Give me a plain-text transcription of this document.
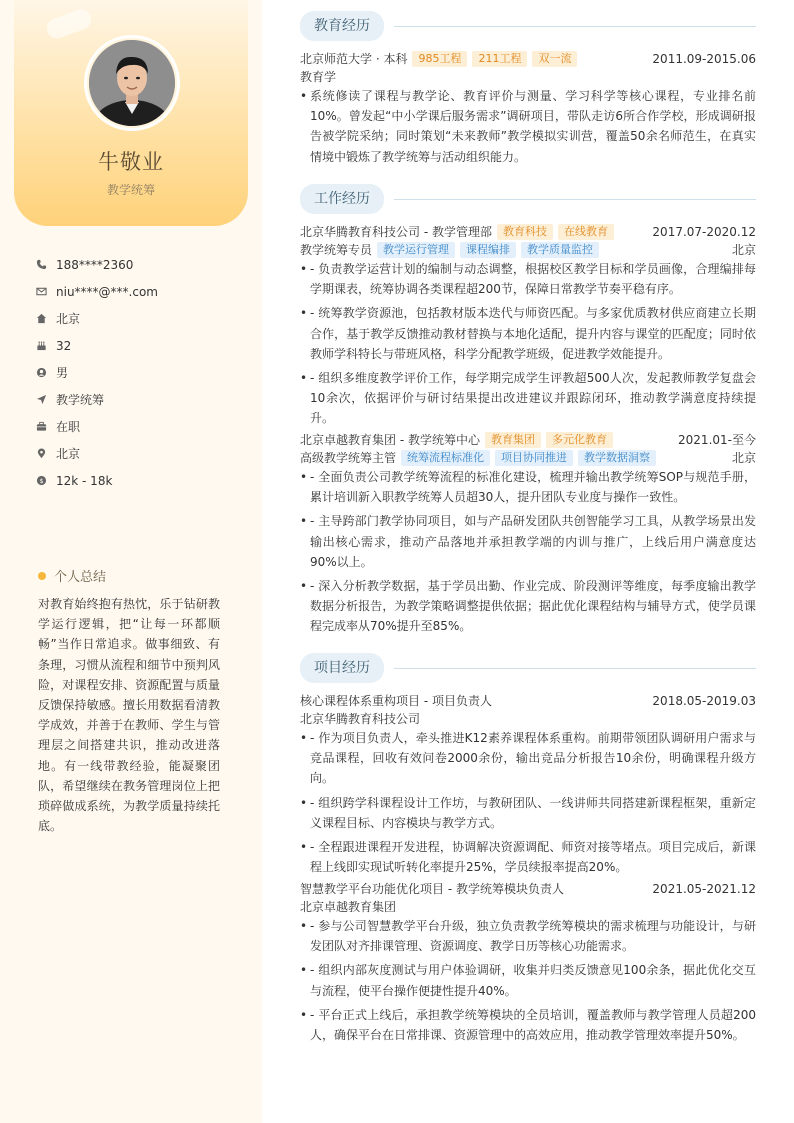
牛敬业
教学统筹
188****2360
niu****@***.com
北京
32
男
教学统筹
在职
北京
$ 12k - 18k
个人总结
对教育始终抱有热忱，乐于钻研教学运行逻辑，把“让每一环都顺畅”当作日常追求。做事细致、有条理，习惯从流程和细节中预判风险，对课程安排、资源配置与质量反馈保持敏感。擅长用数据看清教学成效，并善于在教师、学生与管理层之间搭建共识，推动改进落地。有一线带教经验，能凝聚团队，希望继续在教务管理岗位上把琐碎做成系统，为教学质量持续托底。
教育经历
北京师范大学 · 本科	985工程	211工程	双一流	2011.09-2015.06
教育学
• 系统修读了课程与教学论、教育评价与测量、学习科学等核心课程，专业排名前10%。曾发起“中小学课后服务需求”调研项目，带队走访6所合作学校，形成调研报告被学院采纳；同时策划“未来教师”教学模拟实训营，覆盖50余名师范生，在真实情境中锻炼了教学统筹与活动组织能力。
工作经历
北京华腾教育科技公司 - 教学管理部	教育科技	在线教育	2017.07-2020.12
教学统筹专员	教学运行管理	课程编排	教学质量监控	北京
• - 负责教学运营计划的编制与动态调整，根据校区教学目标和学员画像，合理编排每学期课表，统筹协调各类课程超200节，保障日常教学节奏平稳有序。
• - 统筹教学资源池，包括教材版本迭代与师资匹配。与多家优质教材供应商建立长期合作，基于教学反馈推动教材替换与本地化适配，提升内容与课堂的匹配度；同时依教师学科特长与带班风格，科学分配教学班级，促进教学效能提升。
• - 组织多维度教学评价工作，每学期完成学生评教超500人次，发起教师教学复盘会10余次，依据评价与研讨结果提出改进建议并跟踪闭环，推动教学满意度持续提升。
北京卓越教育集团 - 教学统筹中心	教育集团	多元化教育	2021.01-至今
高级教学统筹主管	统筹流程标准化	项目协同推进	教学数据洞察	北京
• - 全面负责公司教学统筹流程的标准化建设，梳理并输出教学统筹SOP与规范手册，累计培训新入职教学统筹人员超30人，提升团队专业度与操作一致性。
• - 主导跨部门教学协同项目，如与产品研发团队共创智能学习工具，从教学场景出发输出核心需求，推动产品落地并承担教学端的内训与推广，上线后用户满意度达90%以上。
• - 深入分析教学数据，基于学员出勤、作业完成、阶段测评等维度，每季度输出教学数据分析报告，为教学策略调整提供依据；据此优化课程结构与辅导方式，使学员课程完成率从70%提升至85%。
项目经历
核心课程体系重构项目 - 项目负责人	2018.05-2019.03
北京华腾教育科技公司
• - 作为项目负责人，牵头推进K12素养课程体系重构。前期带领团队调研用户需求与竞品课程，回收有效问卷2000余份，输出竞品分析报告10余份，明确课程升级方向。
• - 组织跨学科课程设计工作坊，与教研团队、一线讲师共同搭建新课程框架，重新定义课程目标、内容模块与教学方式。
• - 全程跟进课程开发进程，协调解决资源调配、师资对接等堵点。项目完成后，新课程上线即实现试听转化率提升25%，学员续报率提高20%。
智慧教学平台功能优化项目 - 教学统筹模块负责人	2021.05-2021.12
北京卓越教育集团
• - 参与公司智慧教学平台升级，独立负责教学统筹模块的需求梳理与功能设计，与研发团队对齐排课管理、资源调度、教学日历等核心功能需求。
• - 组织内部灰度测试与用户体验调研，收集并归类反馈意见100余条，据此优化交互与流程，使平台操作便捷性提升40%。
• - 平台正式上线后，承担教学统筹模块的全员培训，覆盖教师与教学管理人员超200人，确保平台在日常排课、资源管理中的高效应用，推动教学管理效率提升50%。
